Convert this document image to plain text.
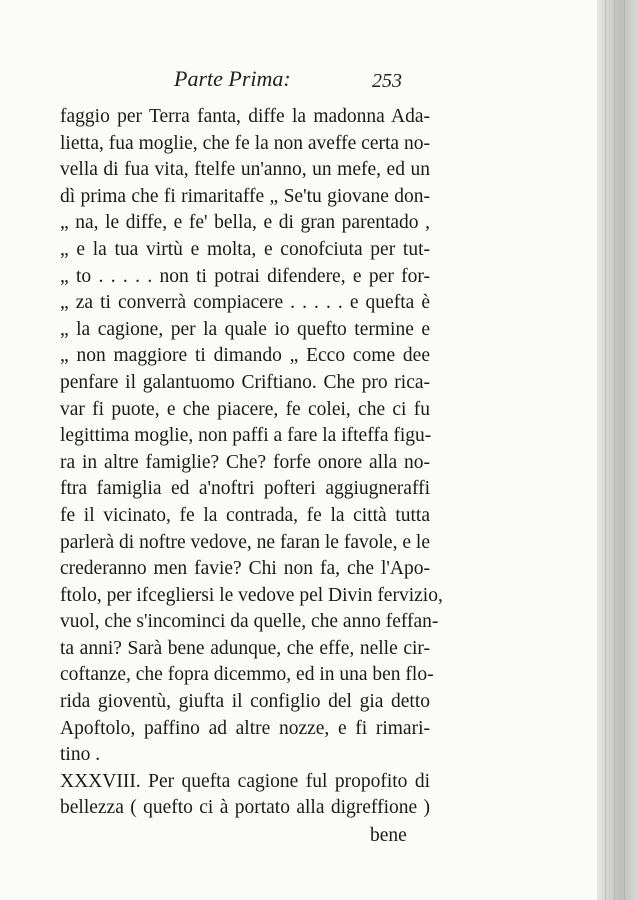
Parte Prima:	253
faggio per Terra fanta, diffe la madonna Ada-
lietta, fua moglie, che fe la non aveffe certa no-
vella di fua vita, ftelfe un'anno, un mefe, ed un
dì prima che fi rimaritaffe „ Se'tu giovane don-
„ na, le diffe, e fe' bella, e di gran parentado ,
„ e la tua virtù e molta, e conofciuta per tut-
„ to . . . . . non ti potrai difendere, e per for-
„ za ti converrà compiacere . . . . . e quefta è
„ la cagione, per la quale io quefto termine e
„ non maggiore ti dimando „ Ecco come dee
penfare il galantuomo Criftiano. Che pro rica-
var fi puote, e che piacere, fe colei, che ci fu
legittima moglie, non paffi a fare la ifteffa figu-
ra in altre famiglie? Che? forfe onore alla no-
ftra famiglia ed a'noftri pofteri aggiugneraffi
fe il vicinato, fe la contrada, fe la città tutta
parlerà di noftre vedove, ne faran le favole, e le
crederanno men favie? Chi non fa, che l'Apo-
ftolo, per ifcegliersi le vedove pel Divin fervizio,
vuol, che s'incominci da quelle, che anno feffan-
ta anni? Sarà bene adunque, che effe, nelle cir-
coftanze, che fopra dicemmo, ed in una ben flo-
rida gioventù, giufta il configlio del gia detto
Apoftolo, paffino ad altre nozze, e fi rimari-
tino .
XXXVIII. Per quefta cagione ful propofito di
bellezza ( quefto ci à portato alla digreffione )
bene
